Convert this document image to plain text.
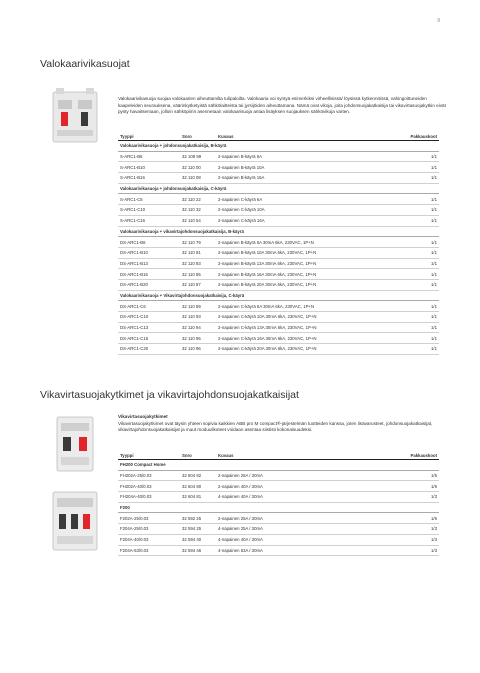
9
Valokaarivikasuojat

Valokaarivikasuoja suojaa valokaarien aiheuttamilta tulipaloilta. Valokaaria voi syntyä esimerkiksi virheellisissä/ löysissä kytkennöissä, vahingoittuneiden kaapeleiden seurauksena, väärinkytketyistä sähkölaitteista tai jyrsijöiden aiheuttamana. Nämä ovat vikoja, joita johdonsuojakatkaisija tai vikavirtasuojakytkin eivät pysty havaitsemaan, jolloin sähköpiirin asennetaan valokaarisuoja antaa lisäyksen suojauksen sähkövikoja varten.

Tyyppi	Snro	Kuvaus	Pakkauskoot
Valokaarivikasuoja + johdonsuojakatkaisija, B-käyrä			
S-ARC1-B6	32 108 99	2-napainen B-käyrä 6A	1/1
S-ARC1-B10	32 110 00	2-napainen B-käyrä 10A	1/1
S-ARC1-B16	32 110 08	2-napainen B-käyrä 16A	1/1
Valokaarivikasuoja + johdonsuojakatkaisija, C-käyrä			
S-ARC1-C6	32 110 22	2-napainen C-käyrä 6A	1/1
S-ARC1-C10	32 110 32	2-napainen C-käyrä 10A	1/1
S-ARC1-C16	32 110 54	2-napainen C-käyrä 16A	1/1
Valokaarivikasuoja + vikavirtajohdonsuojakatkaisija, B-käyrä			
DS-ARC1-B6	32 110 79	2-napainen B-käyrä 6A 30mA 6kA, 230VAC, 1P+N	1/1
DS-ARC1-B10	32 110 81	2-napainen B-käyrä 10A 30mA 6kA, 230VAC, 1P+N	1/1
DS-ARC1-B13	32 110 83	2-napainen B-käyrä 13A 30mA 6kA, 230VAC, 1P+N	1/1
DS-ARC1-B16	32 110 85	2-napainen B-käyrä 16A 30mA 6kA, 230VAC, 1P+N	1/1
DS-ARC1-B20	32 110 87	2-napainen B-käyrä 20A 30mA 6kA, 230VAC, 1P+N	1/1
Valokaarivikasuoja + Vikavirtajohdonsuojakatkaisija, C-käyrä			
DS-ARC1-C6	32 110 89	2-napainen C-käyrä 6A 30mA 6kA, 230VAC, 1P+N	1/1
DS-ARC1-C10	32 110 93	2-napainen C-käyrä 10A 30mA 6kA, 230VAC, 1P+N	1/1
DS-ARC1-C13	32 110 94	2-napainen C-käyrä 13A 30mA 6kA, 230VAC, 1P+N	1/1
DS-ARC1-C16	32 110 95	2-napainen C-käyrä 16A 30mA 6kA, 230VAC, 1P+N	1/1
DS-ARC1-C20	32 110 96	2-napainen C-käyrä 20A 30mA 6kA, 230VAC, 1P+N	1/1
Vikavirtasuojakytkimet ja vikavirtajohdonsuojakatkaisijat

Vikavirtasuojakytkimet
Vikavirtasuojakytkimet ovat täysin yhteen sopivia kaikkien ABB pro M compact®-järjestelmän tuotteiden kanssa, joten lisävarusteet, johdonsuojakatkaisijat, vikavirtajohdonsuojakatkaisijat ja muut moduulikoteet voidaan asentaa siististi kokonaisuudeksi.

Tyyppi	Snro	Kuvaus	Pakkauskoot
FH200 Compact Home			
FH202A-25/0.03	32 604 82	2-napainen 25A / 30mA	1/6
FH202A-40/0.03	32 604 80	2-napainen 40A / 30mA	1/6
FH204A-40/0.03	32 604 81	4-napainen 40A / 30mA	1/3
F200			
F202A-25/0.03	32 592 25	2-napainen 25A / 30mA	1/6
F204A-25/0.03	32 594 25	4-napainen 25A / 30mA	1/3
F204A-40/0.03	32 594 40	4-napainen 40A / 30mA	1/3
F204A-63/0.03	32 594 46	4-napainen 63A / 30mA	1/3
